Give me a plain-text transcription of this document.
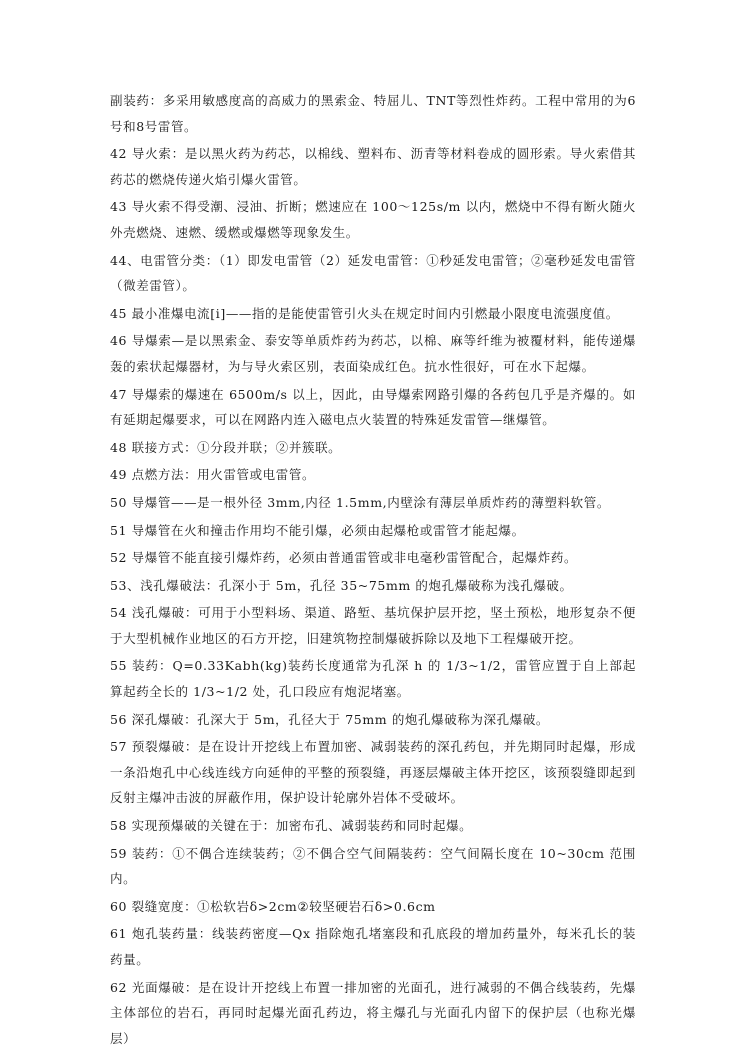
副装药：多采用敏感度高的高威力的黑索金、特屈儿、TNT等烈性炸药。工程中常用的为6号和8号雷管。

42 导火索：是以黑火药为药芯，以棉线、塑料布、沥青等材料卷成的圆形索。导火索借其药芯的燃烧传递火焰引爆火雷管。

43 导火索不得受潮、浸油、折断；燃速应在 100～125s/m 以内，燃烧中不得有断火随火外壳燃烧、速燃、缓燃或爆燃等现象发生。

44、电雷管分类：（1）即发电雷管（2）延发电雷管：①秒延发电雷管；②毫秒延发电雷管（微差雷管）。

45 最小准爆电流[i]——指的是能使雷管引火头在规定时间内引燃最小限度电流强度值。

46 导爆索—是以黑索金、泰安等单质炸药为药芯，以棉、麻等纤维为被覆材料，能传递爆轰的索状起爆器材，为与导火索区别，表面染成红色。抗水性很好，可在水下起爆。

47 导爆索的爆速在 6500m/s 以上，因此，由导爆索网路引爆的各药包几乎是齐爆的。如有延期起爆要求，可以在网路内连入磁电点火装置的特殊延发雷管—继爆管。

48 联接方式：①分段并联；②并簇联。

49 点燃方法：用火雷管或电雷管。

50 导爆管——是一根外径 3mm,内径 1.5mm,内壁涂有薄层单质炸药的薄塑料软管。

51 导爆管在火和撞击作用均不能引爆，必须由起爆枪或雷管才能起爆。

52 导爆管不能直接引爆炸药，必须由普通雷管或非电毫秒雷管配合，起爆炸药。

53、浅孔爆破法：孔深小于 5m，孔径 35~75mm 的炮孔爆破称为浅孔爆破。

54 浅孔爆破：可用于小型料场、渠道、路堑、基坑保护层开挖，坚土预松，地形复杂不便于大型机械作业地区的石方开挖，旧建筑物控制爆破拆除以及地下工程爆破开挖。

55 装药：Q=0.33Kabh(kg)装药长度通常为孔深 h 的 1/3~1/2，雷管应置于自上部起算起药全长的 1/3~1/2 处，孔口段应有炮泥堵塞。

56 深孔爆破：孔深大于 5m，孔径大于 75mm 的炮孔爆破称为深孔爆破。

57 预裂爆破：是在设计开挖线上布置加密、减弱装药的深孔药包，并先期同时起爆，形成一条沿炮孔中心线连线方向延伸的平整的预裂缝，再逐层爆破主体开挖区，该预裂缝即起到反射主爆冲击波的屏蔽作用，保护设计轮廓外岩体不受破坏。

58 实现预爆破的关键在于：加密布孔、减弱装药和同时起爆。

59 装药：①不偶合连续装药；②不偶合空气间隔装药：空气间隔长度在 10~30cm 范围内。

60 裂缝宽度：①松软岩δ>2cm②较坚硬岩石δ>0.6cm

61 炮孔装药量：线装药密度—Qx 指除炮孔堵塞段和孔底段的增加药量外，每米孔长的装药量。

62 光面爆破：是在设计开挖线上布置一排加密的光面孔，进行减弱的不偶合线装药，先爆主体部位的岩石，再同时起爆光面孔药边，将主爆孔与光面孔内留下的保护层（也称光爆层）
